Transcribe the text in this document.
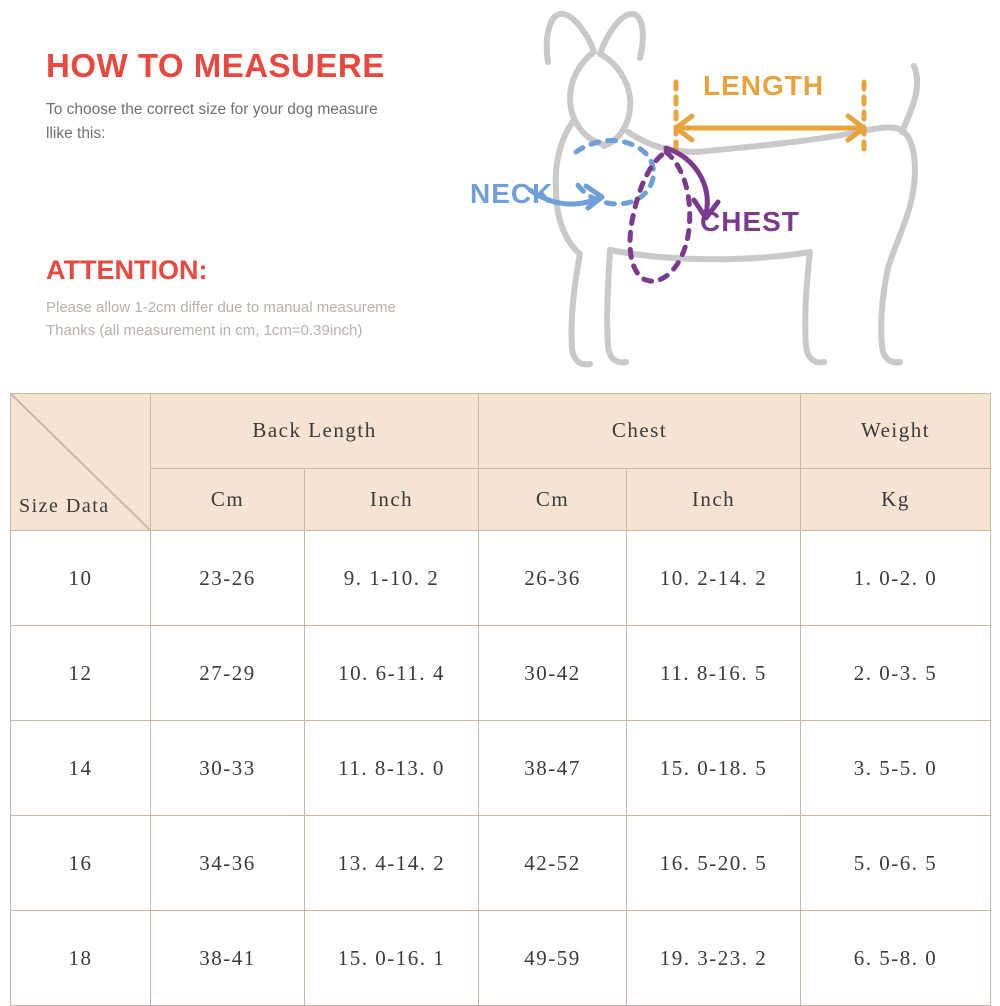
HOW TO MEASUERE

To choose the correct size for your dog measure llike this:

ATTENTION:

Please allow 1-2cm differ due to manual measureme

Thanks (all measurement in cm, 1cm=0.39inch)

LENGTH
NECK
CHEST
Size Data	Back Length		Chest		Weight
	Cm	Inch	Cm	Inch	Kg
10	23-26	9. 1-10. 2	26-36	10. 2-14. 2	1. 0-2. 0
12	27-29	10. 6-11. 4	30-42	11. 8-16. 5	2. 0-3. 5
14	30-33	11. 8-13. 0	38-47	15. 0-18. 5	3. 5-5. 0
16	34-36	13. 4-14. 2	42-52	16. 5-20. 5	5. 0-6. 5
18	38-41	15. 0-16. 1	49-59	19. 3-23. 2	6. 5-8. 0
